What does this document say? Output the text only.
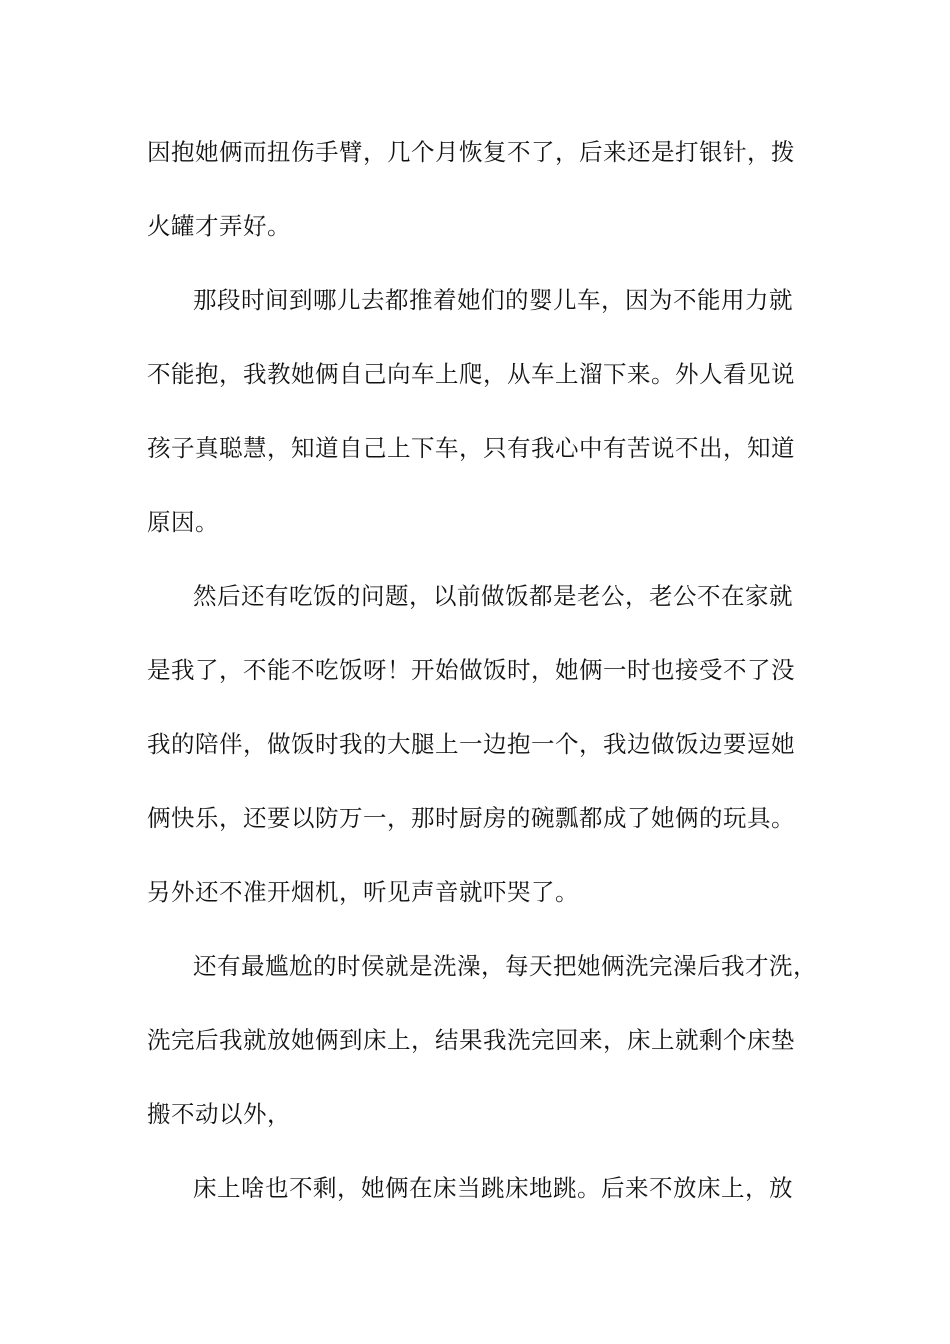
因抱她俩而扭伤手臂，几个月恢复不了，后来还是打银针，拨
火罐才弄好。
那段时间到哪儿去都推着她们的婴儿车，因为不能用力就
不能抱，我教她俩自己向车上爬，从车上溜下来。外人看见说
孩子真聪慧，知道自己上下车，只有我心中有苦说不出，知道
原因。
然后还有吃饭的问题，以前做饭都是老公，老公不在家就
是我了，不能不吃饭呀！开始做饭时，她俩一时也接受不了没
我的陪伴，做饭时我的大腿上一边抱一个，我边做饭边要逗她
俩快乐，还要以防万一，那时厨房的碗瓢都成了她俩的玩具。
另外还不准开烟机，听见声音就吓哭了。
还有最尴尬的时侯就是洗澡，每天把她俩洗完澡后我才洗，
洗完后我就放她俩到床上，结果我洗完回来，床上就剩个床垫
搬不动以外，
床上啥也不剩，她俩在床当跳床地跳。后来不放床上，放
